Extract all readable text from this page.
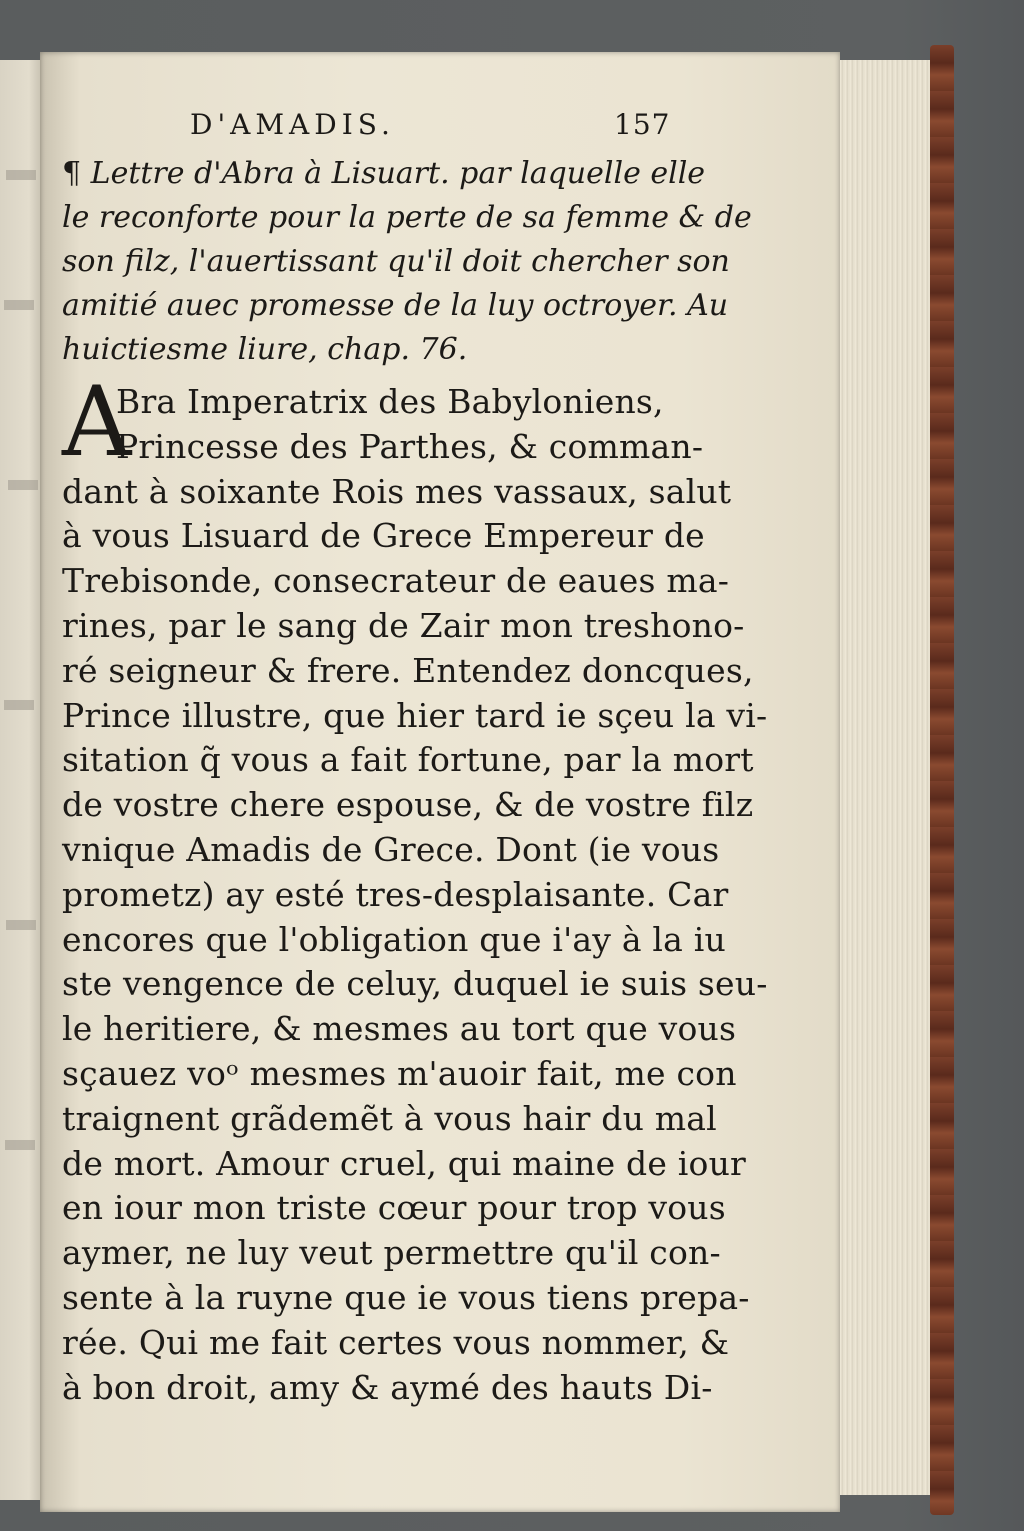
D'AMADIS.	157
¶ Lettre d'Abra à Lisuart. par laquelle elle
le reconforte pour la perte de sa femme & de
son filz, l'auertissant qu'il doit chercher son
amitié auec promesse de la luy octroyer. Au
huictiesme liure, chap. 76.
A
Bra Imperatrix des Babyloniens,
Princesse des Parthes, & comman-
dant à soixante Rois mes vassaux, salut
à vous Lisuard de Grece Empereur de
Trebisonde, consecrateur de eaues ma-
rines, par le sang de Zair mon treshono-
ré seigneur & frere. Entendez doncques,
Prince illustre, que hier tard ie sçeu la vi-
sitation q̃ vous a fait fortune, par la mort
de vostre chere espouse, & de vostre filz
vnique Amadis de Grece. Dont (ie vous
prometz) ay esté tres-desplaisante. Car
encores que l'obligation que i'ay à la iu
ste vengence de celuy, duquel ie suis seu-
le heritiere, & mesmes au tort que vous
sçauez voᵒ mesmes m'auoir fait, me con
traignent grãdemẽt à vous hair du mal
de mort. Amour cruel, qui maine de iour
en iour mon triste cœur pour trop vous
aymer, ne luy veut permettre qu'il con-
sente à la ruyne que ie vous tiens prepa-
rée. Qui me fait certes vous nommer, &
à bon droit, amy & aymé des hauts Di-
